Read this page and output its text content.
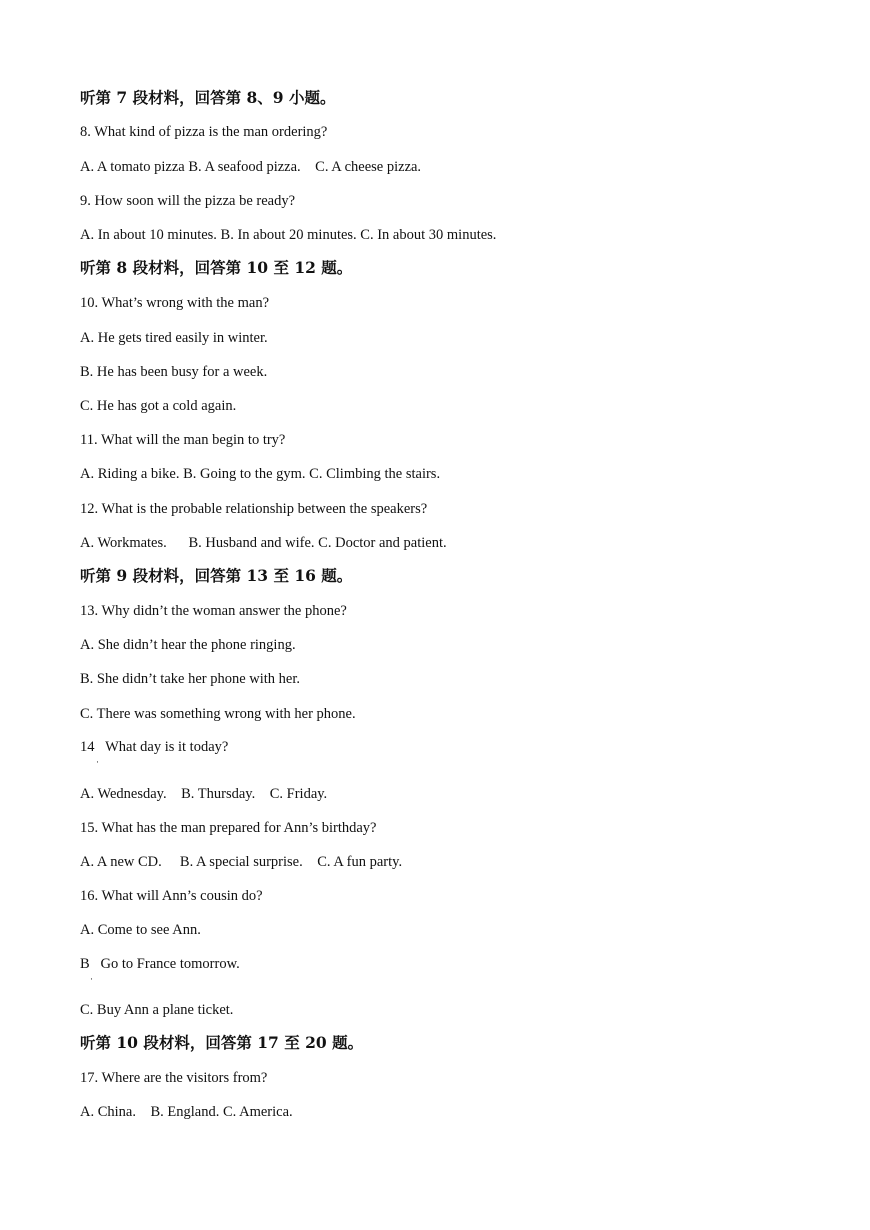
听第 7 段材料，回答第 8、9 小题。
8. What kind of pizza is the man ordering?
A. A tomato pizza B. A seafood pizza.    C. A cheese pizza.
9. How soon will the pizza be ready?
A. In about 10 minutes. B. In about 20 minutes. C. In about 30 minutes.
听第 8 段材料，回答第 10 至 12 题。
10. What’s wrong with the man?
A. He gets tired easily in winter.
B. He has been busy for a week.
C. He has got a cold again.
11. What will the man begin to try?
A. Riding a bike. B. Going to the gym. C. Climbing the stairs.
12. What is the probable relationship between the speakers?
A. Workmates.      B. Husband and wife. C. Doctor and patient.
听第 9 段材料，回答第 13 至 16 题。
13. Why didn’t the woman answer the phone?
A. She didn’t hear the phone ringing.
B. She didn’t take her phone with her.
C. There was something wrong with her phone.
14   What day is it today?
·
A. Wednesday.    B. Thursday.    C. Friday.
15. What has the man prepared for Ann’s birthday?
A. A new CD.     B. A special surprise.    C. A fun party.
16. What will Ann’s cousin do?
A. Come to see Ann.
B   Go to France tomorrow.
·
C. Buy Ann a plane ticket.
听第 10 段材料，回答第 17 至 20 题。
17. Where are the visitors from?
A. China.    B. England. C. America.
